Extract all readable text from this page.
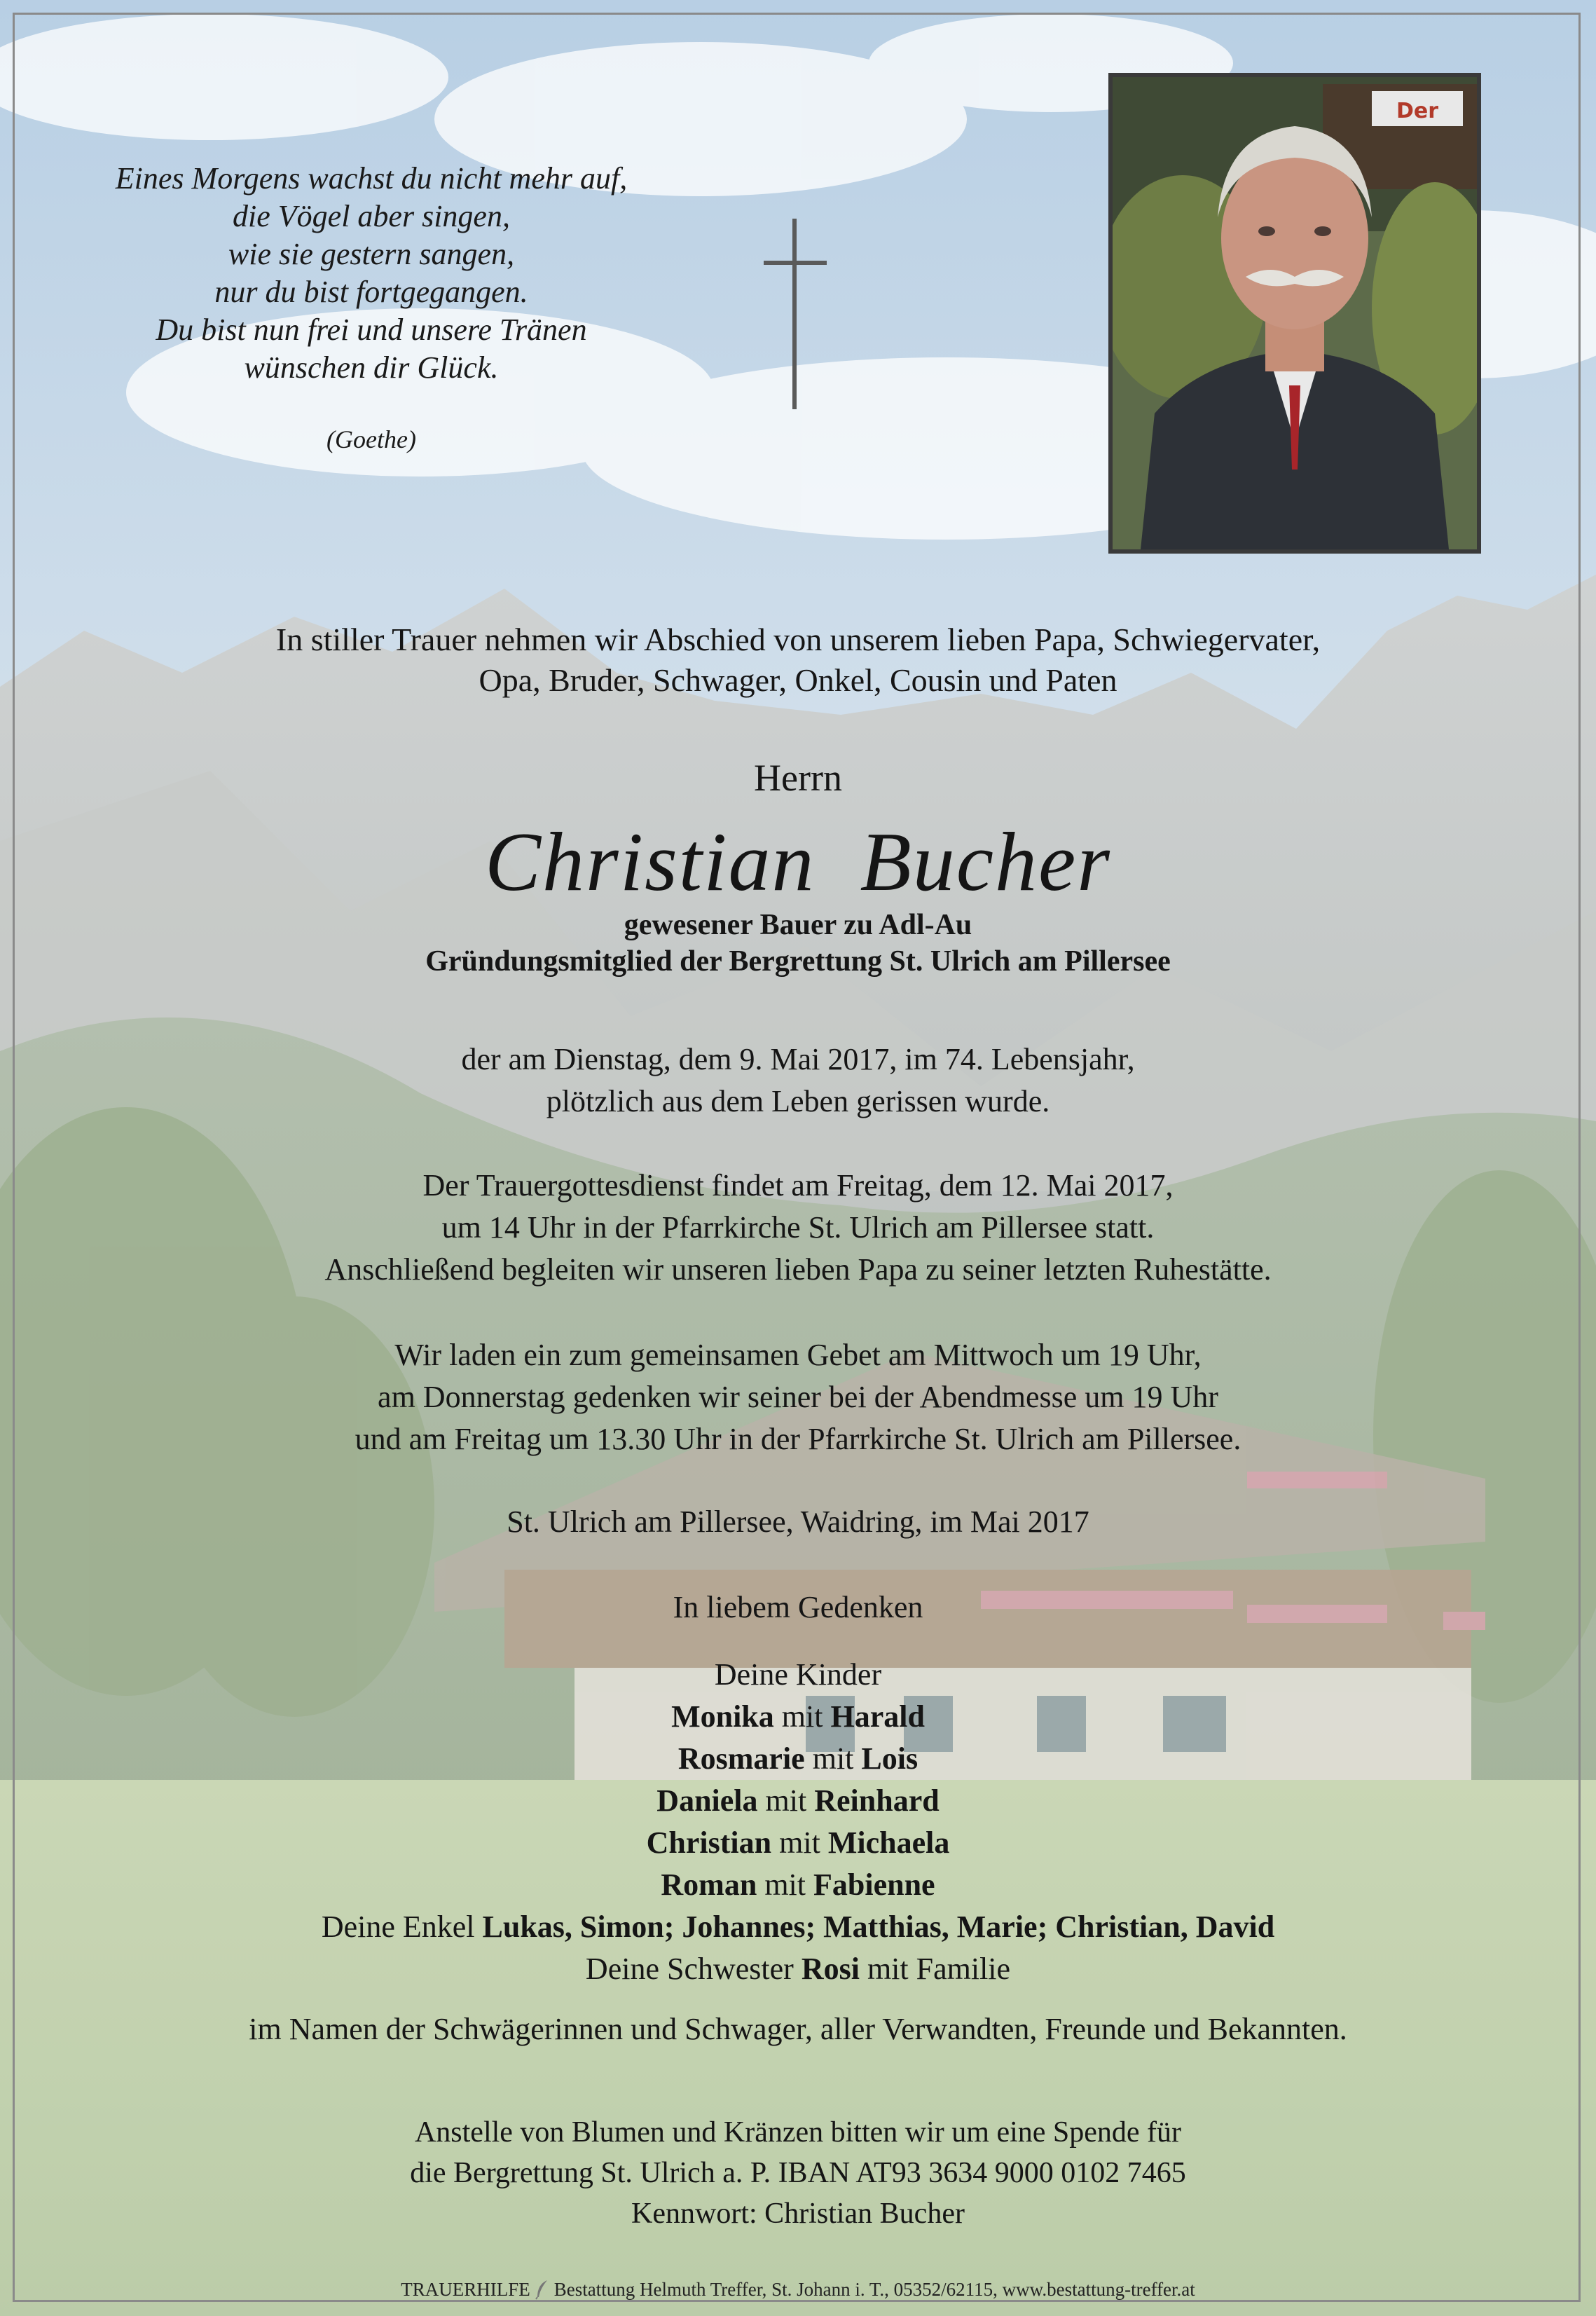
Eines Morgens wachst du nicht mehr auf,
die Vögel aber singen,
wie sie gestern sangen,
nur du bist fortgegangen.
Du bist nun frei und unsere Tränen
wünschen dir Glück.
(Goethe)
Der
In stiller Trauer nehmen wir Abschied von unserem lieben Papa, Schwiegervater,
Opa, Bruder, Schwager, Onkel, Cousin und Paten
Herrn
Christian  Bucher
gewesener Bauer zu Adl-Au
Gründungsmitglied der Bergrettung St. Ulrich am Pillersee
der am Dienstag, dem 9. Mai 2017, im 74. Lebensjahr,
plötzlich aus dem Leben gerissen wurde.
Der Trauergottesdienst findet am Freitag, dem 12. Mai 2017,
um 14 Uhr in der Pfarrkirche St. Ulrich am Pillersee statt.
Anschließend begleiten wir unseren lieben Papa zu seiner letzten Ruhestätte.
Wir laden ein zum gemeinsamen Gebet am Mittwoch um 19 Uhr,
am Donnerstag gedenken wir seiner bei der Abendmesse um 19 Uhr
und am Freitag um 13.30 Uhr in der Pfarrkirche St. Ulrich am Pillersee.
St. Ulrich am Pillersee, Waidring, im Mai 2017
In liebem Gedenken
Deine Kinder
Monika mit Harald
Rosmarie mit Lois
Daniela mit Reinhard
Christian mit Michaela
Roman mit Fabienne
Deine Enkel Lukas, Simon; Johannes; Matthias, Marie; Christian, David
Deine Schwester Rosi mit Familie
im Namen der Schwägerinnen und Schwager, aller Verwandten, Freunde und Bekannten.
Anstelle von Blumen und Kränzen bitten wir um eine Spende für
die Bergrettung St. Ulrich a. P. IBAN AT93 3634 9000 0102 7465
Kennwort: Christian Bucher
TRAUERHILFE Bestattung Helmuth Treffer, St. Johann i. T., 05352/62115, www.bestattung-treffer.at
